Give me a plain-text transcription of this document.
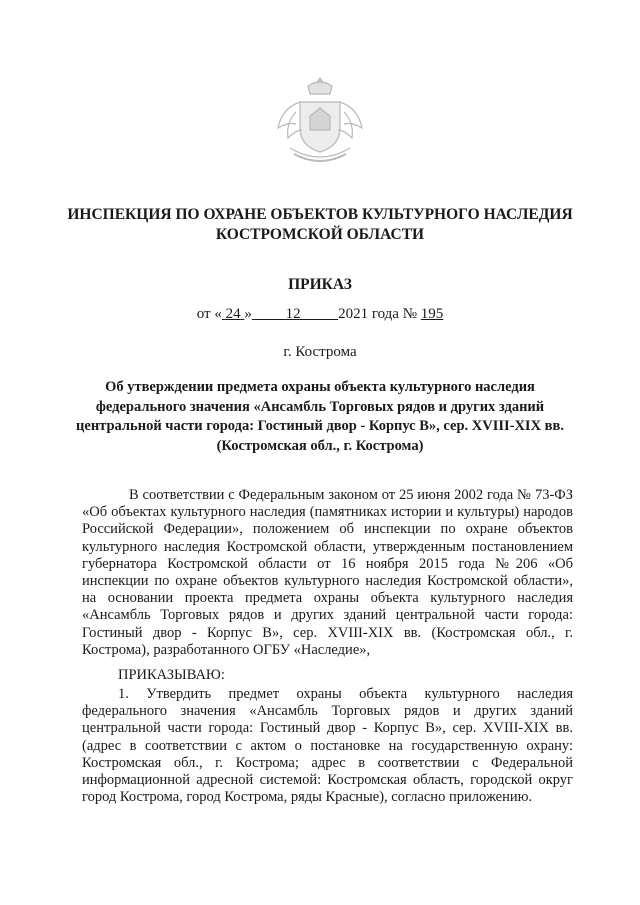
ИНСПЕКЦИЯ ПО ОХРАНЕ ОБЪЕКТОВ КУЛЬТУРНОГО НАСЛЕДИЯ КОСТРОМСКОЙ ОБЛАСТИ
ПРИКАЗ
от « 24 » 12	2021 года № 195
г. Кострома
Об утверждении предмета охраны объекта культурного наследия федерального значения «Ансамбль Торговых рядов и других зданий центральной части города: Гостиный двор - Корпус В», сер. XVIII-XIX вв. (Костромская обл., г. Кострома)
В соответствии с Федеральным законом от 25 июня 2002 года № 73-ФЗ «Об объектах культурного наследия (памятниках истории и культуры) народов Российской Федерации», положением об инспекции по охране объектов культурного наследия Костромской области, утвержденным постановлением губернатора Костромской области от 16 ноября 2015 года №206 «Об инспекции по охране объектов культурного наследия Костромской области», на основании проекта предмета охраны объекта культурного наследия «Ансамбль Торговых рядов и других зданий центральной части города: Гостиный двор - Корпус В», сер. XVIII-XIX вв. (Костромская обл., г. Кострома), разработанного ОГБУ «Наследие»,
ПРИКАЗЫВАЮ:
1. Утвердить предмет охраны объекта культурного наследия федерального значения «Ансамбль Торговых рядов и других зданий центральной части города: Гостиный двор - Корпус В», сер. XVIII-XIX вв. (адрес в соответствии с актом о постановке на государственную охрану: Костромская обл., г. Кострома; адрес в соответствии с Федеральной информационной адресной системой: Костромская область, городской округ город Кострома, город Кострома, ряды Красные), согласно приложению.
